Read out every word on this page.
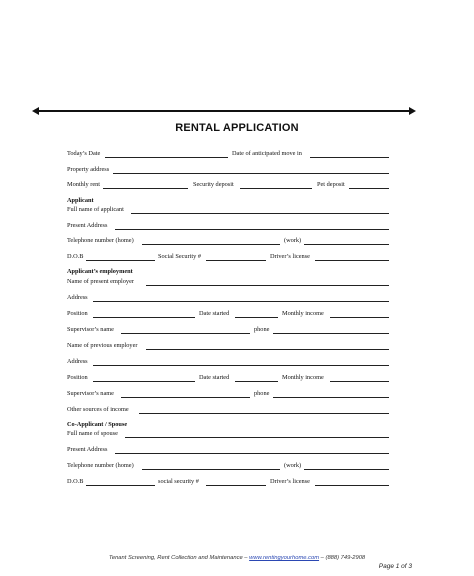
RENTAL APPLICATION
Today’s Date	Date of anticipated move in
Property address
Monthly rent	Security deposit	Pet deposit
Applicant
Full name of applicant
Present Address
Telephone number (home)	(work)
D.O.B	Social Security #	Driver’s license
Applicant’s employment
Name of present employer
Address
Position	Date started	Monthly income
Supervisor’s name	phone
Name of previous employer
Address
Position	Date started	Monthly income
Supervisor’s name	phone
Other sources of income
Co-Applicant / Spouse
Full name of spouse
Present Address
Telephone number (home)	(work)
D.O.B	social security #	Driver’s license
Tenant Screening, Rent Collection and Maintenance – www.rentingyourhome.com – (888) 749-2908
Page 1 of 3
